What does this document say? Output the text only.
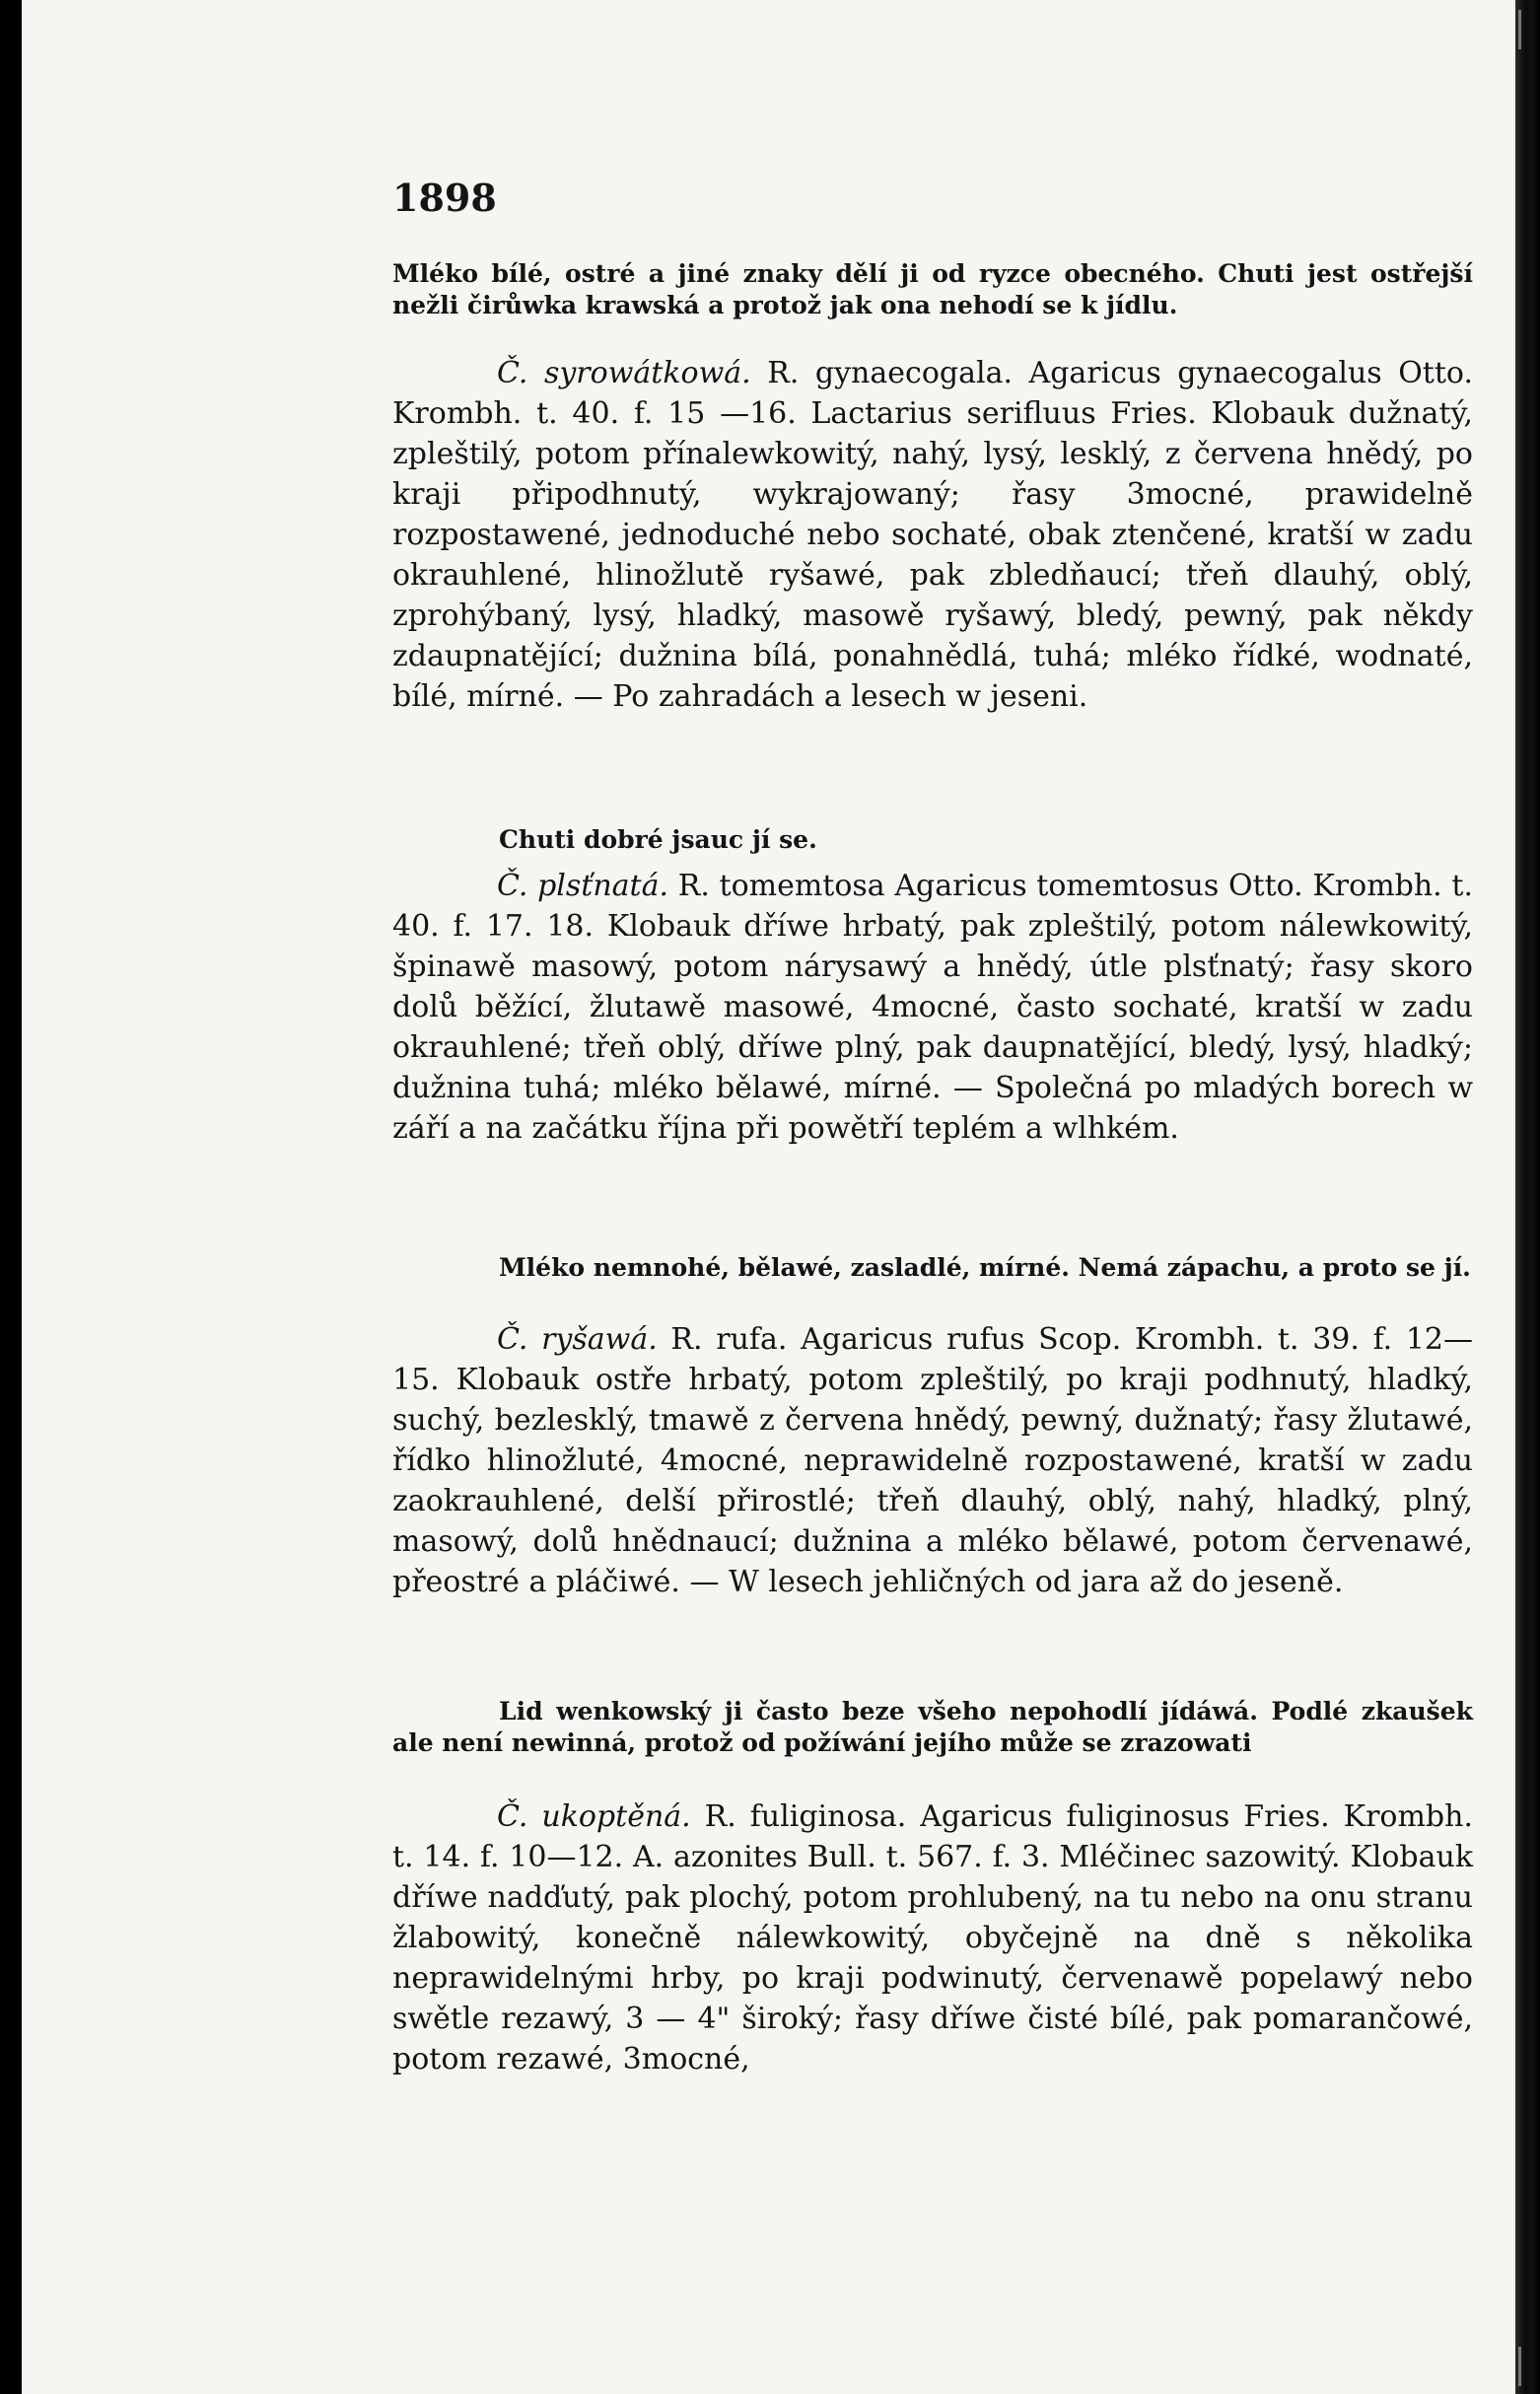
1898

Mléko bílé, ostré a jiné znaky dělí ji od ryzce obecného. Chuti jest ostřejší nežli čirůwka krawská a protož jak ona nehodí se k jídlu.

Č. syrowátkowá. R. gynaecogala. Agaricus gynaecogalus Otto. Krombh. t. 40. f. 15 —16. Lactarius serifluus Fries. Klobauk dužnatý, zpleštilý, potom přínalewkowitý, nahý, lysý, lesklý, z červena hnědý, po kraji připodhnutý, wykrajowaný; řasy 3mocné, prawidelně rozpostawené, jednoduché nebo sochaté, obak ztenčené, kratší w zadu okrauhlené, hlinožlutě ryšawé, pak zbledňaucí; třeň dlauhý, oblý, zprohýbaný, lysý, hladký, masowě ryšawý, bledý, pewný, pak někdy zdaupnatějící; dužnina bílá, ponahnědlá, tuhá; mléko řídké, wodnaté, bílé, mírné. — Po zahradách a lesech w jeseni.

Chuti dobré jsauc jí se.

Č. plsťnatá. R. tomemtosa Agaricus tomemtosus Otto. Krombh. t. 40. f. 17. 18. Klobauk dříwe hrbatý, pak zpleštilý, potom nálewkowitý, špinawě masowý, potom nárysawý a hnědý, útle plsťnatý; řasy skoro dolů běžící, žlutawě masowé, 4mocné, často sochaté, kratší w zadu okrauhlené; třeň oblý, dříwe plný, pak daupnatějící, bledý, lysý, hladký; dužnina tuhá; mléko bělawé, mírné. — Společná po mladých borech w září a na začátku října při powětří teplém a wlhkém.

Mléko nemnohé, bělawé, zasladlé, mírné. Nemá zápachu, a proto se jí.

Č. ryšawá. R. rufa. Agaricus rufus Scop. Krombh. t. 39. f. 12—15. Klobauk ostře hrbatý, potom zpleštilý, po kraji podhnutý, hladký, suchý, bezlesklý, tmawě z červena hnědý, pewný, dužnatý; řasy žlutawé, řídko hlinožluté, 4mocné, neprawidelně rozpostawené, kratší w zadu zaokrauhlené, delší přirostlé; třeň dlauhý, oblý, nahý, hladký, plný, masowý, dolů hnědnaucí; dužnina a mléko bělawé, potom červenawé, přeostré a pláčiwé. — W lesech jehličných od jara až do jeseně.

Lid wenkowský ji často beze všeho nepohodlí jídáwá. Podlé zkaušek ale není newinná, protož od požíwání jejího může se zrazowati

Č. ukoptěná. R. fuliginosa. Agaricus fuliginosus Fries. Krombh. t. 14. f. 10—12. A. azonites Bull. t. 567. f. 3. Mléčinec sazowitý. Klobauk dříwe nadďutý, pak plochý, potom prohlubený, na tu nebo na onu stranu žlabowitý, konečně nálewkowitý, obyčejně na dně s několika neprawidelnými hrby, po kraji podwinutý, červenawě popelawý nebo swětle rezawý, 3 — 4" široký; řasy dříwe čisté bílé, pak pomarančowé, potom rezawé, 3mocné,
